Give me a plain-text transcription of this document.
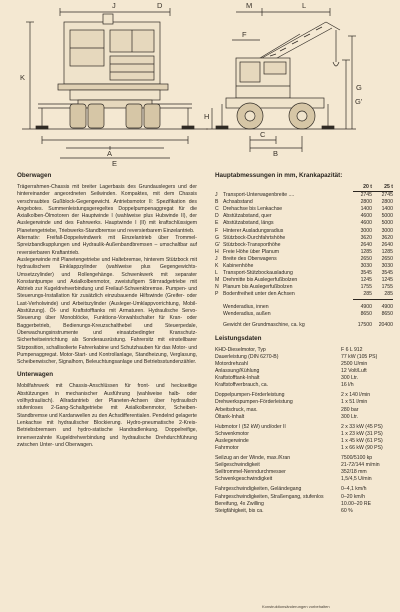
J	D
K
A
E
F
M	L
H
C
G
G'
B
Oberwagen

Trägerrahmen-Chassis mit breiter Lagerbasis des Grundauslegers und der hintereinander angeordneten Seilwinden. Kompaktes, mit dem Chassis verschraubtes Gußblock-Gegengewicht. Antriebsmotor II: Spezifikation des Angebotes. Summenleistungsgeregeltes Doppelpumpenaggregat für die Axialkolben-Ölmotoren der Hauptwinde I (wahlweise plus Hubwinde II), der Auslegerwinde und des Fahrwerks. Hauptwinde I (II) mit kraftschlüssigem Planetengetriebe, Triebwerks-Standbremse und reversierbarem Einzelantrieb.

Alternativ: Freifall-Doppelwindwerk mit Einzelantrieb über Trommel-Spreizbandkupplungen und Hydraulik-Außenbandbremsen – umschaltbar auf reversierbaren Kraftantrieb.

Auslegerwinde mit Planetengetriebe und Haltebremse, hinterem Stützbock mit hydraulischem Einklappzylinder (wahlweise plus Gegengewichts-Umsetzzylinder) und Rollengehänge. Schwenkwerk mit separater Konstantpumpe und Axialkolbenmotor, zweistufigem Stirnradgetriebe mit Abtrieb zur Kugeldrehverbindung und Freilauf-Schwenkbremse. Pumpen- und Steuerungs-Installation für zusätzlich einzubauende Hilfswinde (Greifer- oder Last-Verholwinde) und Arbeitszylinder (Ausleger-Umklappvorrichtung, Mobil-Abstützung). Öl- und Kraftstofftanks mit Armaturen. Hydraulische Servo-Steuerung über Monoblöcke, Funktions-Vorwahlschalter für Kran- oder Baggerbetrieb, Bedienungs-Kreuzschalthebel und Steuerpedale, Überwachungsinstrumente und einsatzbedingter Kranschutz-Sicherheitseinrichtung als Sonderausrüstung. Fahrersitz mit einstellbarer Sitzposition, schallisolierte Fahrerkabine und Schutzhauben für das Motor- und Pumpenaggregat. Motor-Start- und Kontrollanlage, Standheizung, Verglasung, Scheibenwischer, Signalhorn, Beleuchtungsanlage und Betriebsstundenzähler.

Unterwagen

Mobilfahrwerk mit Chassis-Anschlüssen für front- und heckseitige Abstützungen in mechanischer Ausführung (wahlweise halb- oder vollhydraulisch). Allradantrieb der Planeten-Achsen über hydraulisch stufenloses 2-Gang-Schaltgetriebe mit Axialkolbenmotor, Scheiben-Standbremse und Kardanwellen zu den Achsdifferentialen. Pendelnd gelagerte Lenkachse mit hydraulischer Blockierung. Hydro-pneumatische 2-Kreis-Betriebsbremsen und hydro-statische Handradlenkung. Doppelreifige, innenverzahnte Kugeldrehverbindung und hydraulische Drehdurchführung zwischen Unter- und Oberwagen.

Hauptabmessungen in mm, Krankapazität:
		20 t	25 t
J	Transport-Unterwagenbreite ....	2745	2745
B	Achsabstand	2800	2800
C	Drehachse bis Lenkachse	1400	1400
D	Abstützabstand, quer	4600	5000
E	Abstützabstand, längs	4600	5000
F	Hinterer Ausladungsradius	3000	3000
G	Stützbock-Durchfahrtshöhe	3620	3620
G'	Stützbock-Transporthöhe	2640	2640
H	Freie Höhe über Planum	1285	1285
J	Breite des Oberwagens	2650	2650
K	Kabinenhöhe	3030	3030
L	Transport-Stützbockausladung	3545	3545
M	Drehmitte bis Auslegerfußbolzen	1245	1245
N	Planum bis Auslegerfußbolzen	1755	1755
P	Bodenfreiheit unter den Achsen	285	285

	Wenderadius, innen	4900	4900
	Wenderadius, außen	8650	8650

	Gewicht der Grundmaschine, ca. kg	17500	20400
Leistungsdaten
KHD-Dieselmotor, Typ	F 6 L 912
Dauerleistung (DIN 6270-B)	77 kW (105 PS)
Motordrehzahl	2500 U/min
Anlassung/Kühlung	12 Volt/Luft
Kraftstofftank-Inhalt	300 Ltr.
Kraftstoffverbrauch, ca.	16 l/h
Doppelpumpen-Förderleistung	2 x 140 l/min
Drehwerkspumpen-Förderleistung	1 x 51 l/min
Arbeitsdruck, max.	280 bar
Öltank-Inhalt	300 Ltr.
Hubmotor I (52 kW) und/oder II	2 x 33 kW (45 PS)
Schwenkmotor	1 x 23 kW (31 PS)
Auslegerwinde	1 x 45 kW (61 PS)
Fahrmotor	1 x 66 kW (90 PS)
Seilzug an der Winde, max./Kran	7500/5100 kp
Seilgeschwindigkeit	21-72/144 m/min
Seiltrommel-Nenndurchmesser	352/18 mm
Schwenkgeschwindigkeit	1,5/4,5 U/min
Fahrgeschwindigkeiten, Geländegang	0–4,1 km/h
Fahrgeschwindigkeiten, Straßengang, stufenlos	0–20 km/h
Bereifung, 4x Zwilling	10.00–20 RE
Steigfähigkeit, bis ca.	60 %
Konstruktionsänderungen vorbehalten
